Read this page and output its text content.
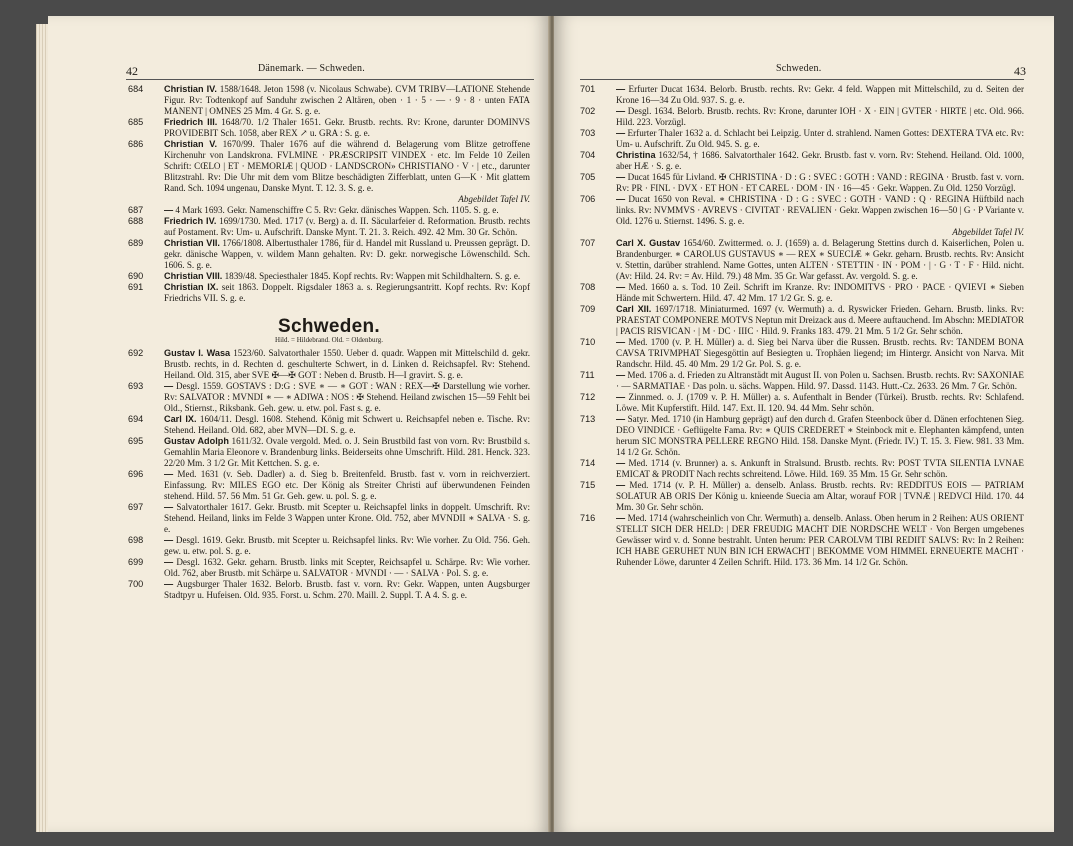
42	Dänemark. — Schweden.
684 Christian IV. 1588/1648. Jeton 1598 (v. Nicolaus Schwabe). CVM TRIBV—LATIONE Stehende Figur. Rv: Todtenkopf auf Sanduhr zwischen 2 Altären, oben · 1 · 5 · — · 9 · 8 · unten FATA MANENT | OMNES 25 Mm. 4 Gr. S. g. e.
685 Friedrich III. 1648/70. 1/2 Thaler 1651. Gekr. Brustb. rechts. Rv: Krone, darunter DOMINVS PROVIDEBIT Sch. 1058, aber REX ↗ u. GRA : S. g. e.
686 Christian V. 1670/99. Thaler 1676 auf die während d. Belagerung vom Blitze getroffene Kirchenuhr von Landskrona. FVLMINE · PRÆSCRIPSIT VINDEX · etc. Im Felde 10 Zeilen Schrift: CŒLO | ET · MEMORIÆ | QUOD · LANDSCRON» CHRISTIANO · V · | etc., darunter Blitzstrahl. Rv: Die Uhr mit dem vom Blitze beschädigten Zifferblatt, unten G—K · Mit glattem Rand. Sch. 1094 ungenau, Danske Mynt. T. 12. 3. S. g. e.
Abgebildet Tafel IV.
687 — 4 Mark 1693. Gekr. Namenschiffre C 5. Rv: Gekr. dänisches Wappen. Sch. 1105. S. g. e.
688 Friedrich IV. 1699/1730. Med. 1717 (v. Berg) a. d. II. Säcularfeier d. Reformation. Brustb. rechts auf Postament. Rv: Um- u. Aufschrift. Danske Mynt. T. 21. 3. Reich. 492. 42 Mm. 30 Gr. Schön.
689 Christian VII. 1766/1808. Albertusthaler 1786, für d. Handel mit Russland u. Preussen geprägt. D. gekr. dänische Wappen, v. wildem Mann gehalten. Rv: D. gekr. norwegische Löwenschild. Sch. 1606. S. g. e.
690 Christian VIII. 1839/48. Speciesthaler 1845. Kopf rechts. Rv: Wappen mit Schildhaltern. S. g. e.
691 Christian IX. seit 1863. Doppelt. Rigsdaler 1863 a. s. Regierungsantritt. Kopf rechts. Rv: Kopf Friedrichs VII. S. g. e.
Schweden.
Hild. = Hildebrand. Old. = Oldenburg.
692 Gustav I. Wasa 1523/60. Salvatorthaler 1550. Ueber d. quadr. Wappen mit Mittelschild d. gekr. Brustb. rechts, in d. Rechten d. geschulterte Schwert, in d. Linken d. Reichsapfel. Rv: Stehend. Heiland. Old. 315, aber SVE ✠—✠ GOT : Neben d. Brustb. H—I gravirt. S. g. e.
693 — Desgl. 1559. GOSTAVS : D:G : SVE ∗ — ∗ GOT : WAN : REX—✠ Darstellung wie vorher. Rv: SALVATOR : MVNDI ∗ — ∗ ADIWA : NOS : ✠ Stehend. Heiland zwischen 15—59 Fehlt bei Old., Stiernst., Riksbank. Geh. gew. u. etw. pol. Fast s. g. e.
694 Carl IX. 1604/11. Desgl. 1608. Stehend. König mit Schwert u. Reichsapfel neben e. Tische. Rv: Stehend. Heiland. Old. 682, aber MVN—DI. S. g. e.
695 Gustav Adolph 1611/32. Ovale vergold. Med. o. J. Sein Brustbild fast von vorn. Rv: Brustbild s. Gemahlin Maria Eleonore v. Brandenburg links. Beiderseits ohne Umschrift. Hild. 281. Henck. 323. 22/20 Mm. 3 1/2 Gr. Mit Kettchen. S. g. e.
696 — Med. 1631 (v. Seb. Dadler) a. d. Sieg b. Breitenfeld. Brustb. fast v. vorn in reichverziert. Einfassung. Rv: MILES EGO etc. Der König als Streiter Christi auf überwundenen Feinden stehend. Hild. 57. 56 Mm. 51 Gr. Geh. gew. u. pol. S. g. e.
697 — Salvatorthaler 1617. Gekr. Brustb. mit Scepter u. Reichsapfel links in doppelt. Umschrift. Rv: Stehend. Heiland, links im Felde 3 Wappen unter Krone. Old. 752, aber MVNDII ∗ SALVA · S. g. e.
698 — Desgl. 1619. Gekr. Brustb. mit Scepter u. Reichsapfel links. Rv: Wie vorher. Zu Old. 756. Geh. gew. u. etw. pol. S. g. e.
699 — Desgl. 1632. Gekr. geharn. Brustb. links mit Scepter, Reichsapfel u. Schärpe. Rv: Wie vorher. Old. 762, aber Brustb. mit Schärpe u. SALVATOR · MVNDI · — · SALVA · Pol. S. g. e.
700 — Augsburger Thaler 1632. Belorb. Brustb. fast v. vorn. Rv: Gekr. Wappen, unten Augsburger Stadtpyr u. Hufeisen. Old. 935. Forst. u. Schm. 270. Maill. 2. Suppl. T. A 4. S. g. e.
Schweden.	43
701 — Erfurter Ducat 1634. Belorb. Brustb. rechts. Rv: Gekr. 4 feld. Wappen mit Mittelschild, zu d. Seiten der Krone 16—34 Zu Old. 937. S. g. e.
702 — Desgl. 1634. Belorb. Brustb. rechts. Rv: Krone, darunter IOH · X · EIN | GVTER · HIRTE | etc. Old. 966. Hild. 223. Vorzügl.
703 — Erfurter Thaler 1632 a. d. Schlacht bei Leipzig. Unter d. strahlend. Namen Gottes: DEXTERA TVA etc. Rv: Um- u. Aufschrift. Zu Old. 945. S. g. e.
704 Christina 1632/54, † 1686. Salvatorthaler 1642. Gekr. Brustb. fast v. vorn. Rv: Stehend. Heiland. Old. 1000, aber HÆ · S. g. e.
705 — Ducat 1645 für Livland. ✠ CHRISTINA · D : G : SVEC : GOTH : VAND : REGINA · Brustb. fast v. vorn. Rv: PR · FINL · DVX · ET HON · ET CAREL · DOM · IN · 16—45 · Gekr. Wappen. Zu Old. 1250 Vorzügl.
706 — Ducat 1650 von Reval. ∗ CHRISTINA · D : G : SVEC : GOTH · VAND : Q · REGINA Hüftbild nach links. Rv: NVMMVS · AVREVS · CIVITAT · REVALIEN · Gekr. Wappen zwischen 16—50 | G · P Variante v. Old. 1276 u. Stiernst. 1496. S. g. e.
Abgebildet Tafel IV.
707 Carl X. Gustav 1654/60. Zwittermed. o. J. (1659) a. d. Belagerung Stettins durch d. Kaiserlichen, Polen u. Brandenburger. ∗ CAROLUS GUSTAVUS ∗ — REX ∗ SUECIÆ ∗ Gekr. geharn. Brustb. rechts. Rv: Ansicht v. Stettin, darüber strahlend. Name Gottes, unten ALTEN · STETTIN · IN · POM · | · G · T · F · Hild. nicht. (Av: Hild. 24. Rv: = Av. Hild. 79.) 48 Mm. 35 Gr. War gefasst. Av. vergold. S. g. e.
708 — Med. 1660 a. s. Tod. 10 Zeil. Schrift im Kranze. Rv: INDOMITVS · PRO · PACE · QVIEVI ∗ Sieben Hände mit Schwertern. Hild. 47. 42 Mm. 17 1/2 Gr. S. g. e.
709 Carl XII. 1697/1718. Miniaturmed. 1697 (v. Wermuth) a. d. Ryswicker Frieden. Geharn. Brustb. links. Rv: PRAESTAT COMPONERE MOTVS Neptun mit Dreizack aus d. Meere auftauchend. Im Abschn: MEDIATOR | PACIS RISVICAN · | M · DC · IIIC · Hild. 9. Franks 183. 479. 21 Mm. 5 1/2 Gr. Sehr schön.
710 — Med. 1700 (v. P. H. Müller) a. d. Sieg bei Narva über die Russen. Brustb. rechts. Rv: TANDEM BONA CAVSA TRIVMPHAT Siegesgöttin auf Besiegten u. Trophäen liegend; im Hintergr. Ansicht von Narva. Mit Randschr. Hild. 45. 40 Mm. 29 1/2 Gr. Pol. S. g. e.
711 — Med. 1706 a. d. Frieden zu Altranstädt mit August II. von Polen u. Sachsen. Brustb. rechts. Rv: SAXONIAE · — SARMATIAE · Das poln. u. sächs. Wappen. Hild. 97. Dassd. 1143. Hutt.-Cz. 2633. 26 Mm. 7 Gr. Schön.
712 — Zinnmed. o. J. (1709 v. P. H. Müller) a. s. Aufenthalt in Bender (Türkei). Brustb. rechts. Rv: Schlafend. Löwe. Mit Kupferstift. Hild. 147. Ext. II. 120. 94. 44 Mm. Sehr schön.
713 — Satyr. Med. 1710 (in Hamburg geprägt) auf den durch d. Grafen Steenbock über d. Dänen erfochtenen Sieg. DEO VINDICE · Geflügelte Fama. Rv: ∗ QUIS CREDERET ∗ Steinbock mit e. Elephanten kämpfend, unten herum SIC MONSTRA PELLERE REGNO Hild. 158. Danske Mynt. (Friedr. IV.) T. 15. 3. Fiew. 981. 33 Mm. 14 1/2 Gr. Schön.
714 — Med. 1714 (v. Brunner) a. s. Ankunft in Stralsund. Brustb. rechts. Rv: POST TVTA SILENTIA LVNAE EMICAT & PRODIT Nach rechts schreitend. Löwe. Hild. 169. 35 Mm. 15 Gr. Sehr schön.
715 — Med. 1714 (v. P. H. Müller) a. denselb. Anlass. Brustb. rechts. Rv: REDDITUS EOIS — PATRIAM SOLATUR AB ORIS Der König u. knieende Suecia am Altar, worauf FOR | TVNÆ | REDVCI Hild. 170. 44 Mm. 30 Gr. Sehr schön.
716 — Med. 1714 (wahrscheinlich von Chr. Wermuth) a. denselb. Anlass. Oben herum in 2 Reihen: AUS ORIENT STELLT SICH DER HELD: | DER FREUDIG MACHT DIE NORDSCHE WELT · Von Bergen umgebenes Gewässer wird v. d. Sonne bestrahlt. Unten herum: PER CAROLVM TIBI REDIIT SALVS: Rv: In 2 Reihen: ICH HABE GERUHET NUN BIN ICH ERWACHT | BEKOMME VOM HIMMEL ERNEUERTE MACHT · Ruhender Löwe, darunter 4 Zeilen Schrift. Hild. 173. 36 Mm. 14 1/2 Gr. Schön.
